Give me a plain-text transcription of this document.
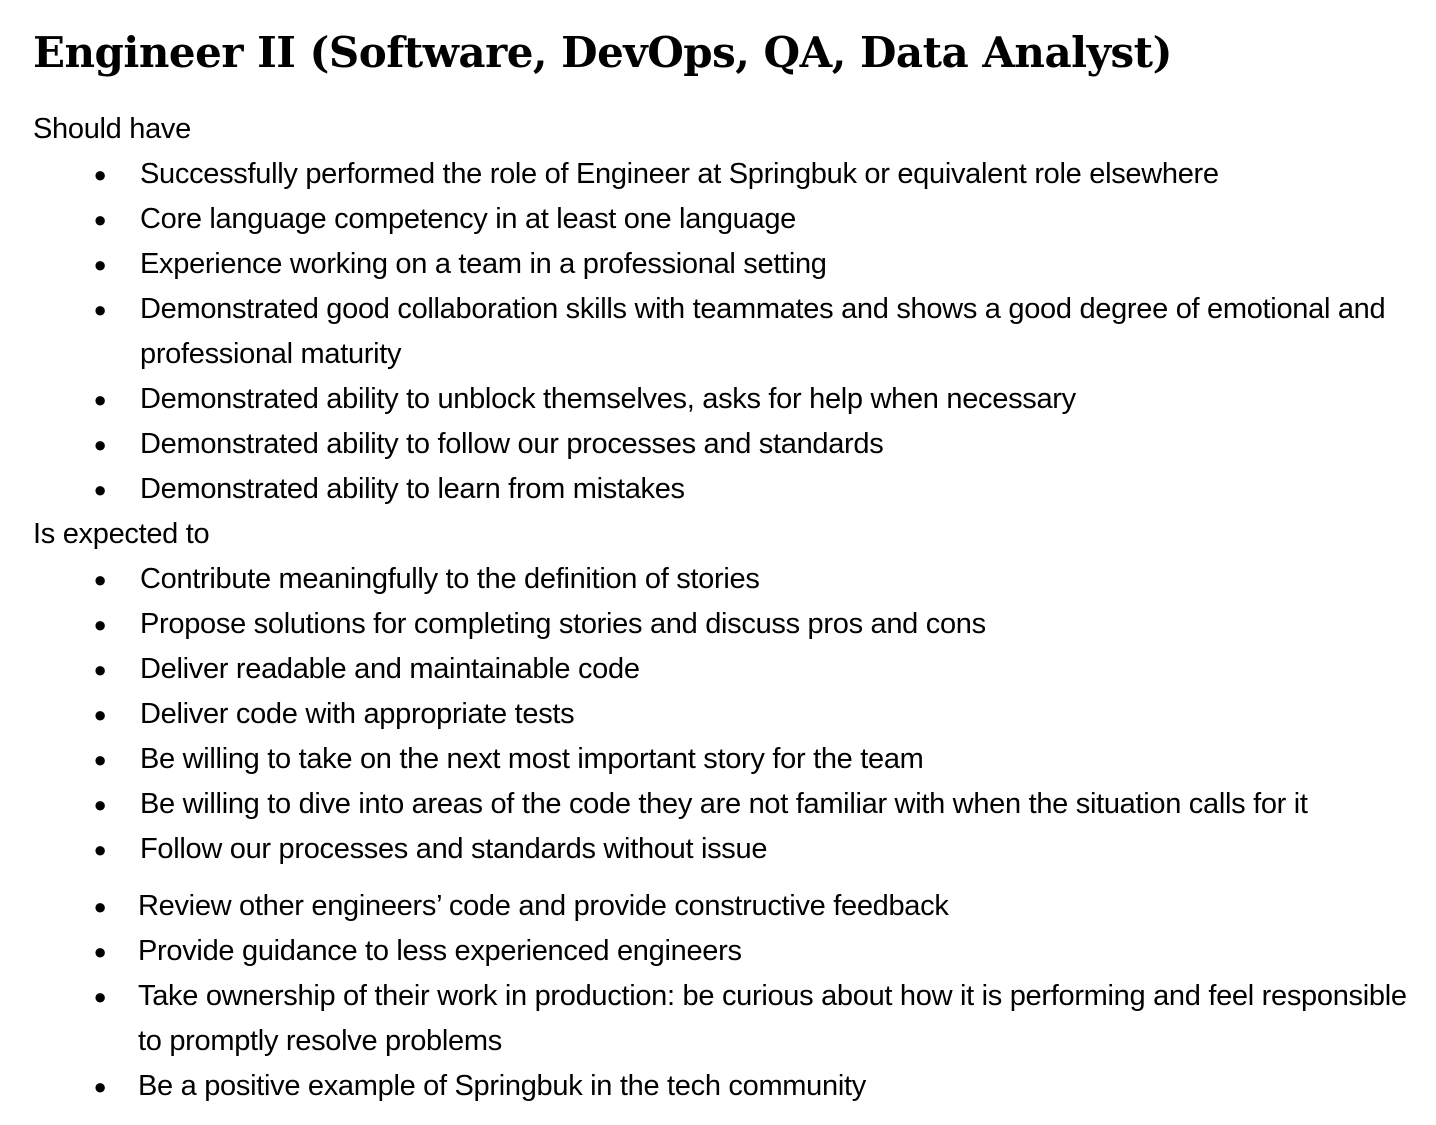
Engineer II (Software, DevOps, QA, Data Analyst)

Should have

● Successfully performed the role of Engineer at Springbuk or equivalent role elsewhere
● Core language competency in at least one language
● Experience working on a team in a professional setting
● Demonstrated good collaboration skills with teammates and shows a good degree of emotional and professional maturity
● Demonstrated ability to unblock themselves, asks for help when necessary
● Demonstrated ability to follow our processes and standards
● Demonstrated ability to learn from mistakes

Is expected to

● Contribute meaningfully to the definition of stories
● Propose solutions for completing stories and discuss pros and cons
● Deliver readable and maintainable code
● Deliver code with appropriate tests
● Be willing to take on the next most important story for the team
● Be willing to dive into areas of the code they are not familiar with when the situation calls for it
● Follow our processes and standards without issue
● Review other engineers’ code and provide constructive feedback
● Provide guidance to less experienced engineers
● Take ownership of their work in production: be curious about how it is performing and feel responsible to promptly resolve problems
● Be a positive example of Springbuk in the tech community
